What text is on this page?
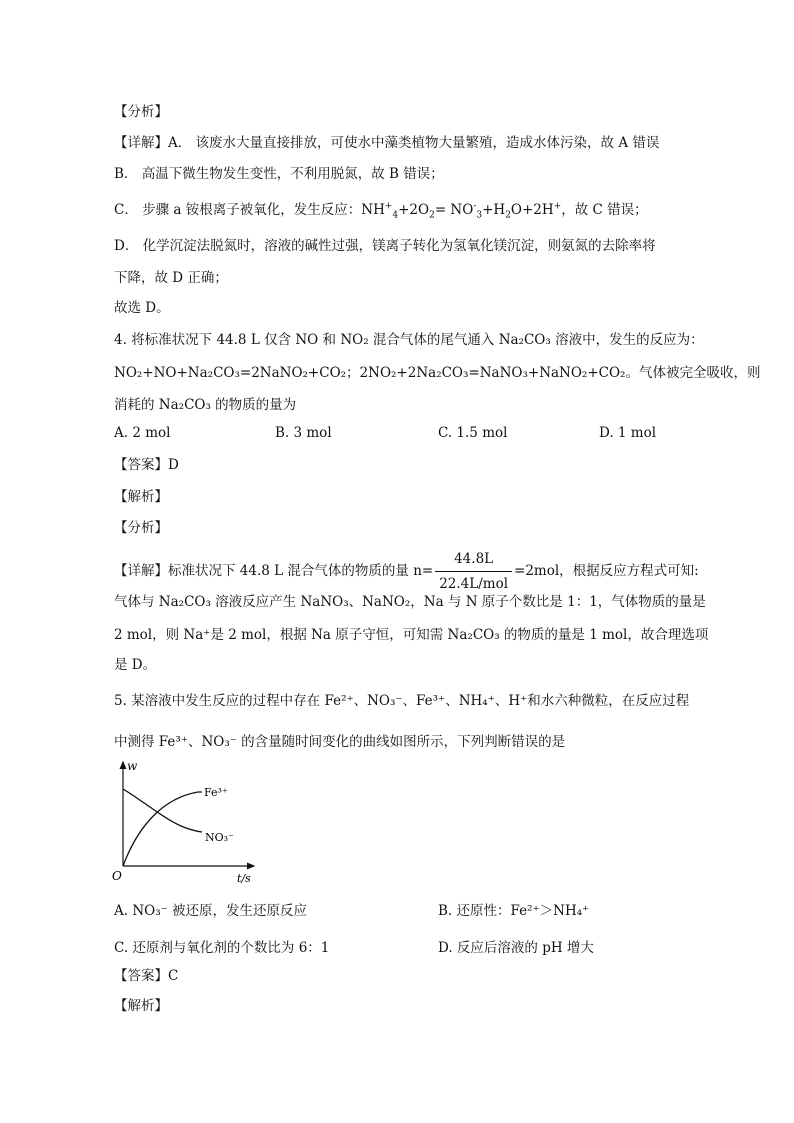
【分析】
【详解】A． 该废水大量直接排放，可使水中藻类植物大量繁殖，造成水体污染，故 A 错误
B． 高温下微生物发生变性，不利用脱氮，故 B 错误；
C． 步骤 a 铵根离子被氧化，发生反应：$NH^+_4+2O_2= NO^-_3+H_2O+2H^+$，故 C 错误；
D． 化学沉淀法脱氮时，溶液的碱性过强，镁离子转化为氢氧化镁沉淀，则氨氮的去除率将
下降，故 D 正确；
故选 D。
4. 将标准状况下 44.8 L 仅含 NO 和 NO₂ 混合气体的尾气通入 Na₂CO₃ 溶液中，发生的反应为：
NO₂+NO+Na₂CO₃=2NaNO₂+CO₂；2NO₂+2Na₂CO₃=NaNO₃+NaNO₂+CO₂。气体被完全吸收，则
消耗的 Na₂CO₃ 的物质的量为
A. 2 mol	B. 3 mol	C. 1.5 mol	D. 1 mol
【答案】D
【解析】
【分析】
【详解】标准状况下 44.8 L 混合气体的物质的量 $n= \frac{44.8L}{\text{22.4L/mol}} =2mol$，根据反应方程式可知:
气体与 Na₂CO₃ 溶液反应产生 NaNO₃、NaNO₂，Na 与 N 原子个数比是 1：1，气体物质的量是
2 mol，则 Na⁺是 2 mol，根据 Na 原子守恒，可知需 Na₂CO₃ 的物质的量是 1 mol，故合理选项
是 D。
5. 某溶液中发生反应的过程中存在 Fe²⁺、NO₃⁻、Fe³⁺、NH₄⁺、H⁺和水六种微粒，在反应过程
中测得 Fe³⁺、NO₃⁻ 的含量随时间变化的曲线如图所示，下列判断错误的是
w
t/s
O
Fe³⁺
NO₃⁻
A. NO₃⁻ 被还原，发生还原反应	B. 还原性：Fe²⁺＞NH₄⁺
C. 还原剂与氧化剂的个数比为 6：1	D. 反应后溶液的 pH 增大
【答案】C
【解析】
